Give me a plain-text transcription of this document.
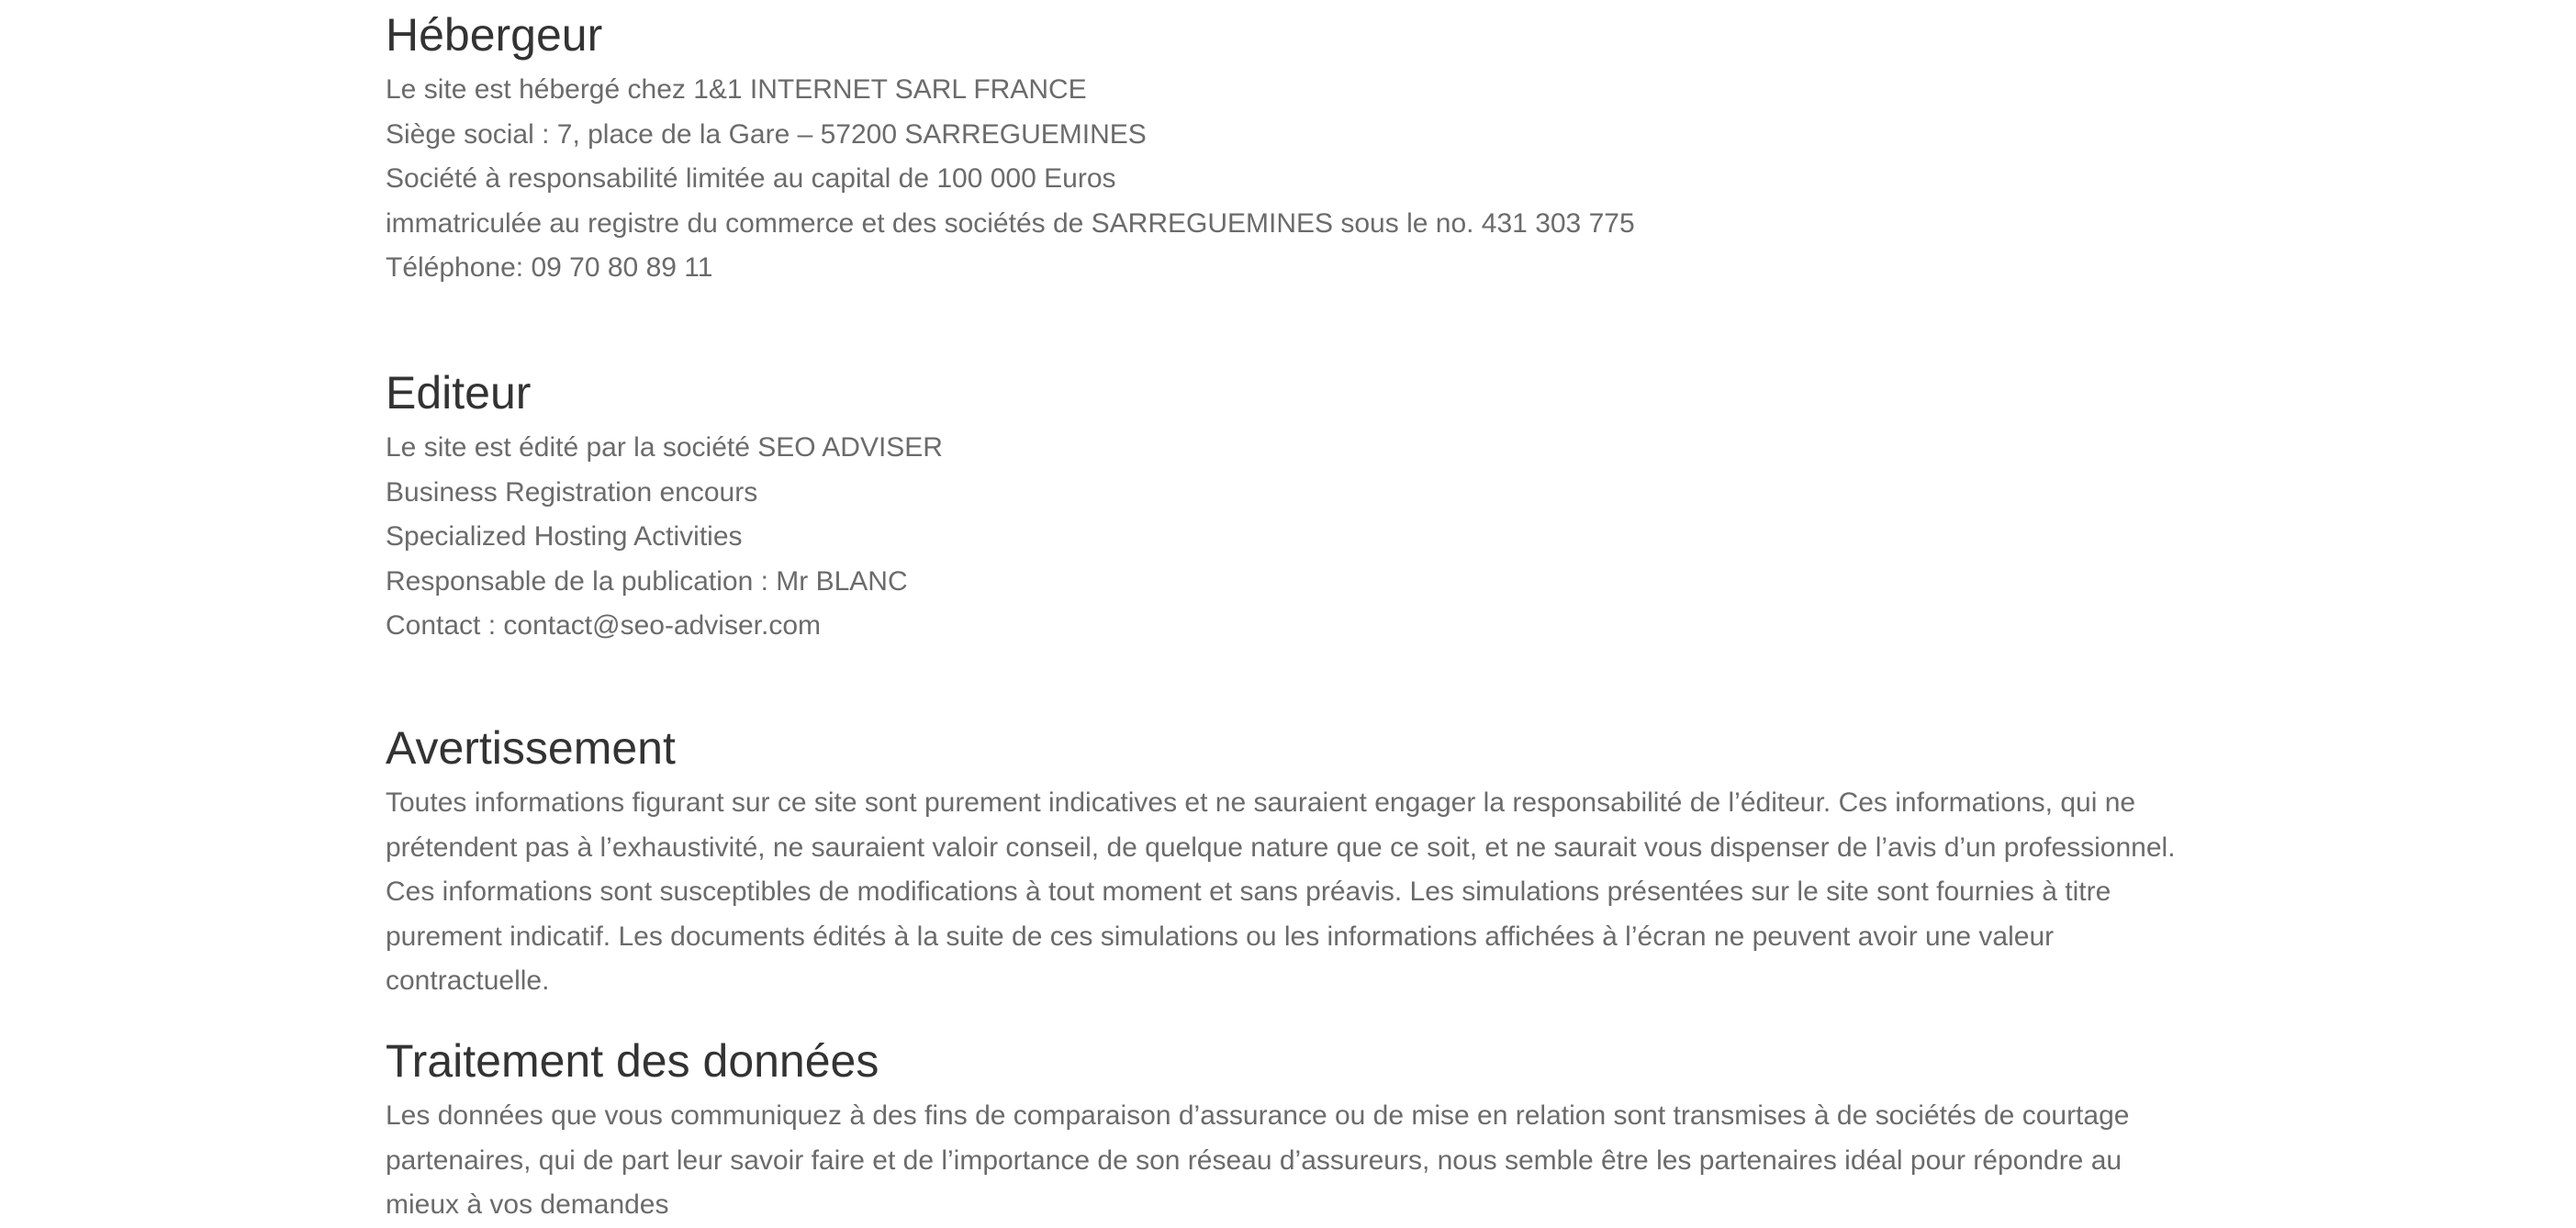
Hébergeur

Le site est hébergé chez 1&1 INTERNET SARL FRANCE
Siège social : 7, place de la Gare – 57200 SARREGUEMINES
Société à responsabilité limitée au capital de 100 000 Euros
immatriculée au registre du commerce et des sociétés de SARREGUEMINES sous le no. 431 303 775
Téléphone: 09 70 80 89 11

Editeur

Le site est édité par la société SEO ADVISER
Business Registration encours
Specialized Hosting Activities
Responsable de la publication : Mr BLANC
Contact : contact@seo-adviser.com

Avertissement

Toutes informations figurant sur ce site sont purement indicatives et ne sauraient engager la responsabilité de l’éditeur. Ces informations, qui ne prétendent pas à l’exhaustivité, ne sauraient valoir conseil, de quelque nature que ce soit, et ne saurait vous dispenser de l’avis d’un professionnel. Ces informations sont susceptibles de modifications à tout moment et sans préavis. Les simulations présentées sur le site sont fournies à titre purement indicatif. Les documents édités à la suite de ces simulations ou les informations affichées à l’écran ne peuvent avoir une valeur contractuelle.

Traitement des données

Les données que vous communiquez à des fins de comparaison d’assurance ou de mise en relation sont transmises à de sociétés de courtage partenaires, qui de part leur savoir faire et de l’importance de son réseau d’assureurs, nous semble être les partenaires idéal pour répondre au mieux à vos demandes
